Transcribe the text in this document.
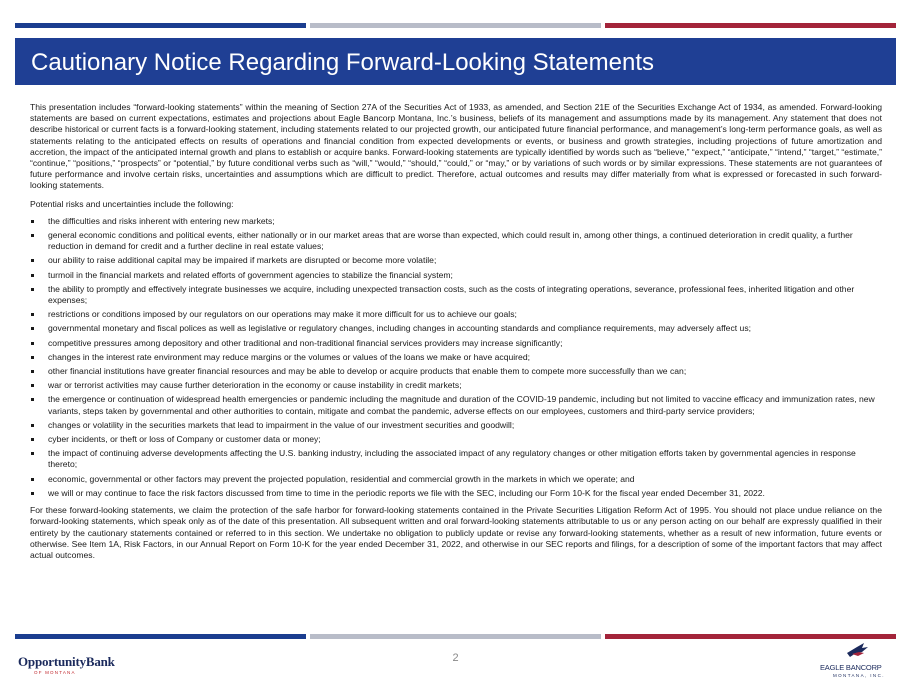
Cautionary Notice Regarding Forward-Looking Statements

This presentation includes “forward-looking statements” within the meaning of Section 27A of the Securities Act of 1933, as amended, and Section 21E of the Securities Exchange Act of 1934, as amended. Forward-looking statements are based on current expectations, estimates and projections about Eagle Bancorp Montana, Inc.’s business, beliefs of its management and assumptions made by its management. Any statement that does not describe historical or current facts is a forward-looking statement, including statements related to our projected growth, our anticipated future financial performance, and management’s long-term performance goals, as well as statements relating to the anticipated effects on results of operations and financial condition from expected developments or events, or business and growth strategies, including projections of future amortization and accretion, the impact of the anticipated internal growth and plans to establish or acquire banks. Forward-looking statements are typically identified by words such as “believe,” “expect,” “anticipate,” “intend,” “target,” “estimate,” “continue,” “positions,” “prospects” or “potential,” by future conditional verbs such as “will,” “would,” “should,” “could,” or “may,” or by variations of such words or by similar expressions. These statements are not guarantees of future performance and involve certain risks, uncertainties and assumptions which are difficult to predict. Therefore, actual outcomes and results may differ materially from what is expressed or forecasted in such forward-looking statements.

Potential risks and uncertainties include the following:

the difficulties and risks inherent with entering new markets;
general economic conditions and political events, either nationally or in our market areas that are worse than expected, which could result in, among other things, a continued deterioration in credit quality, a further reduction in demand for credit and a further decline in real estate values;
our ability to raise additional capital may be impaired if markets are disrupted or become more volatile;
turmoil in the financial markets and related efforts of government agencies to stabilize the financial system;
the ability to promptly and effectively integrate businesses we acquire, including unexpected transaction costs, such as the costs of integrating operations, severance, professional fees, inherited litigation and other expenses;
restrictions or conditions imposed by our regulators on our operations may make it more difficult for us to achieve our goals;
governmental monetary and fiscal polices as well as legislative or regulatory changes, including changes in accounting standards and compliance requirements, may adversely affect us;
competitive pressures among depository and other traditional and non-traditional financial services providers may increase significantly;
changes in the interest rate environment may reduce margins or the volumes or values of the loans we make or have acquired;
other financial institutions have greater financial resources and may be able to develop or acquire products that enable them to compete more successfully than we can;
war or terrorist activities may cause further deterioration in the economy or cause instability in credit markets;
the emergence or continuation of widespread health emergencies or pandemic including the magnitude and duration of the COVID-19 pandemic, including but not limited to vaccine efficacy and immunization rates, new variants, steps taken by governmental and other authorities to contain, mitigate and combat the pandemic, adverse effects on our employees, customers and third-party service providers;
changes or volatility in the securities markets that lead to impairment in the value of our investment securities and goodwill;
cyber incidents, or theft or loss of Company or customer data or money;
the impact of continuing adverse developments affecting the U.S. banking industry, including the associated impact of any regulatory changes or other mitigation efforts taken by governmental agencies in response thereto;
economic, governmental or other factors may prevent the projected population, residential and commercial growth in the markets in which we operate; and
we will or may continue to face the risk factors discussed from time to time in the periodic reports we file with the SEC, including our Form 10-K for the fiscal year ended December 31, 2022.

For these forward-looking statements, we claim the protection of the safe harbor for forward-looking statements contained in the Private Securities Litigation Reform Act of 1995. You should not place undue reliance on the forward-looking statements, which speak only as of the date of this presentation. All subsequent written and oral forward-looking statements attributable to us or any person acting on our behalf are expressly qualified in their entirety by the cautionary statements contained or referred to in this section. We undertake no obligation to publicly update or revise any forward-looking statements, whether as a result of new information, future events or otherwise. See Item 1A, Risk Factors, in our Annual Report on Form 10-K for the year ended December 31, 2022, and otherwise in our SEC reports and filings, for a description of some of the important factors that may affect actual outcomes.

2
OpportunityBank
OF MONTANA
EAGLE BANCORP
MONTANA, INC.
